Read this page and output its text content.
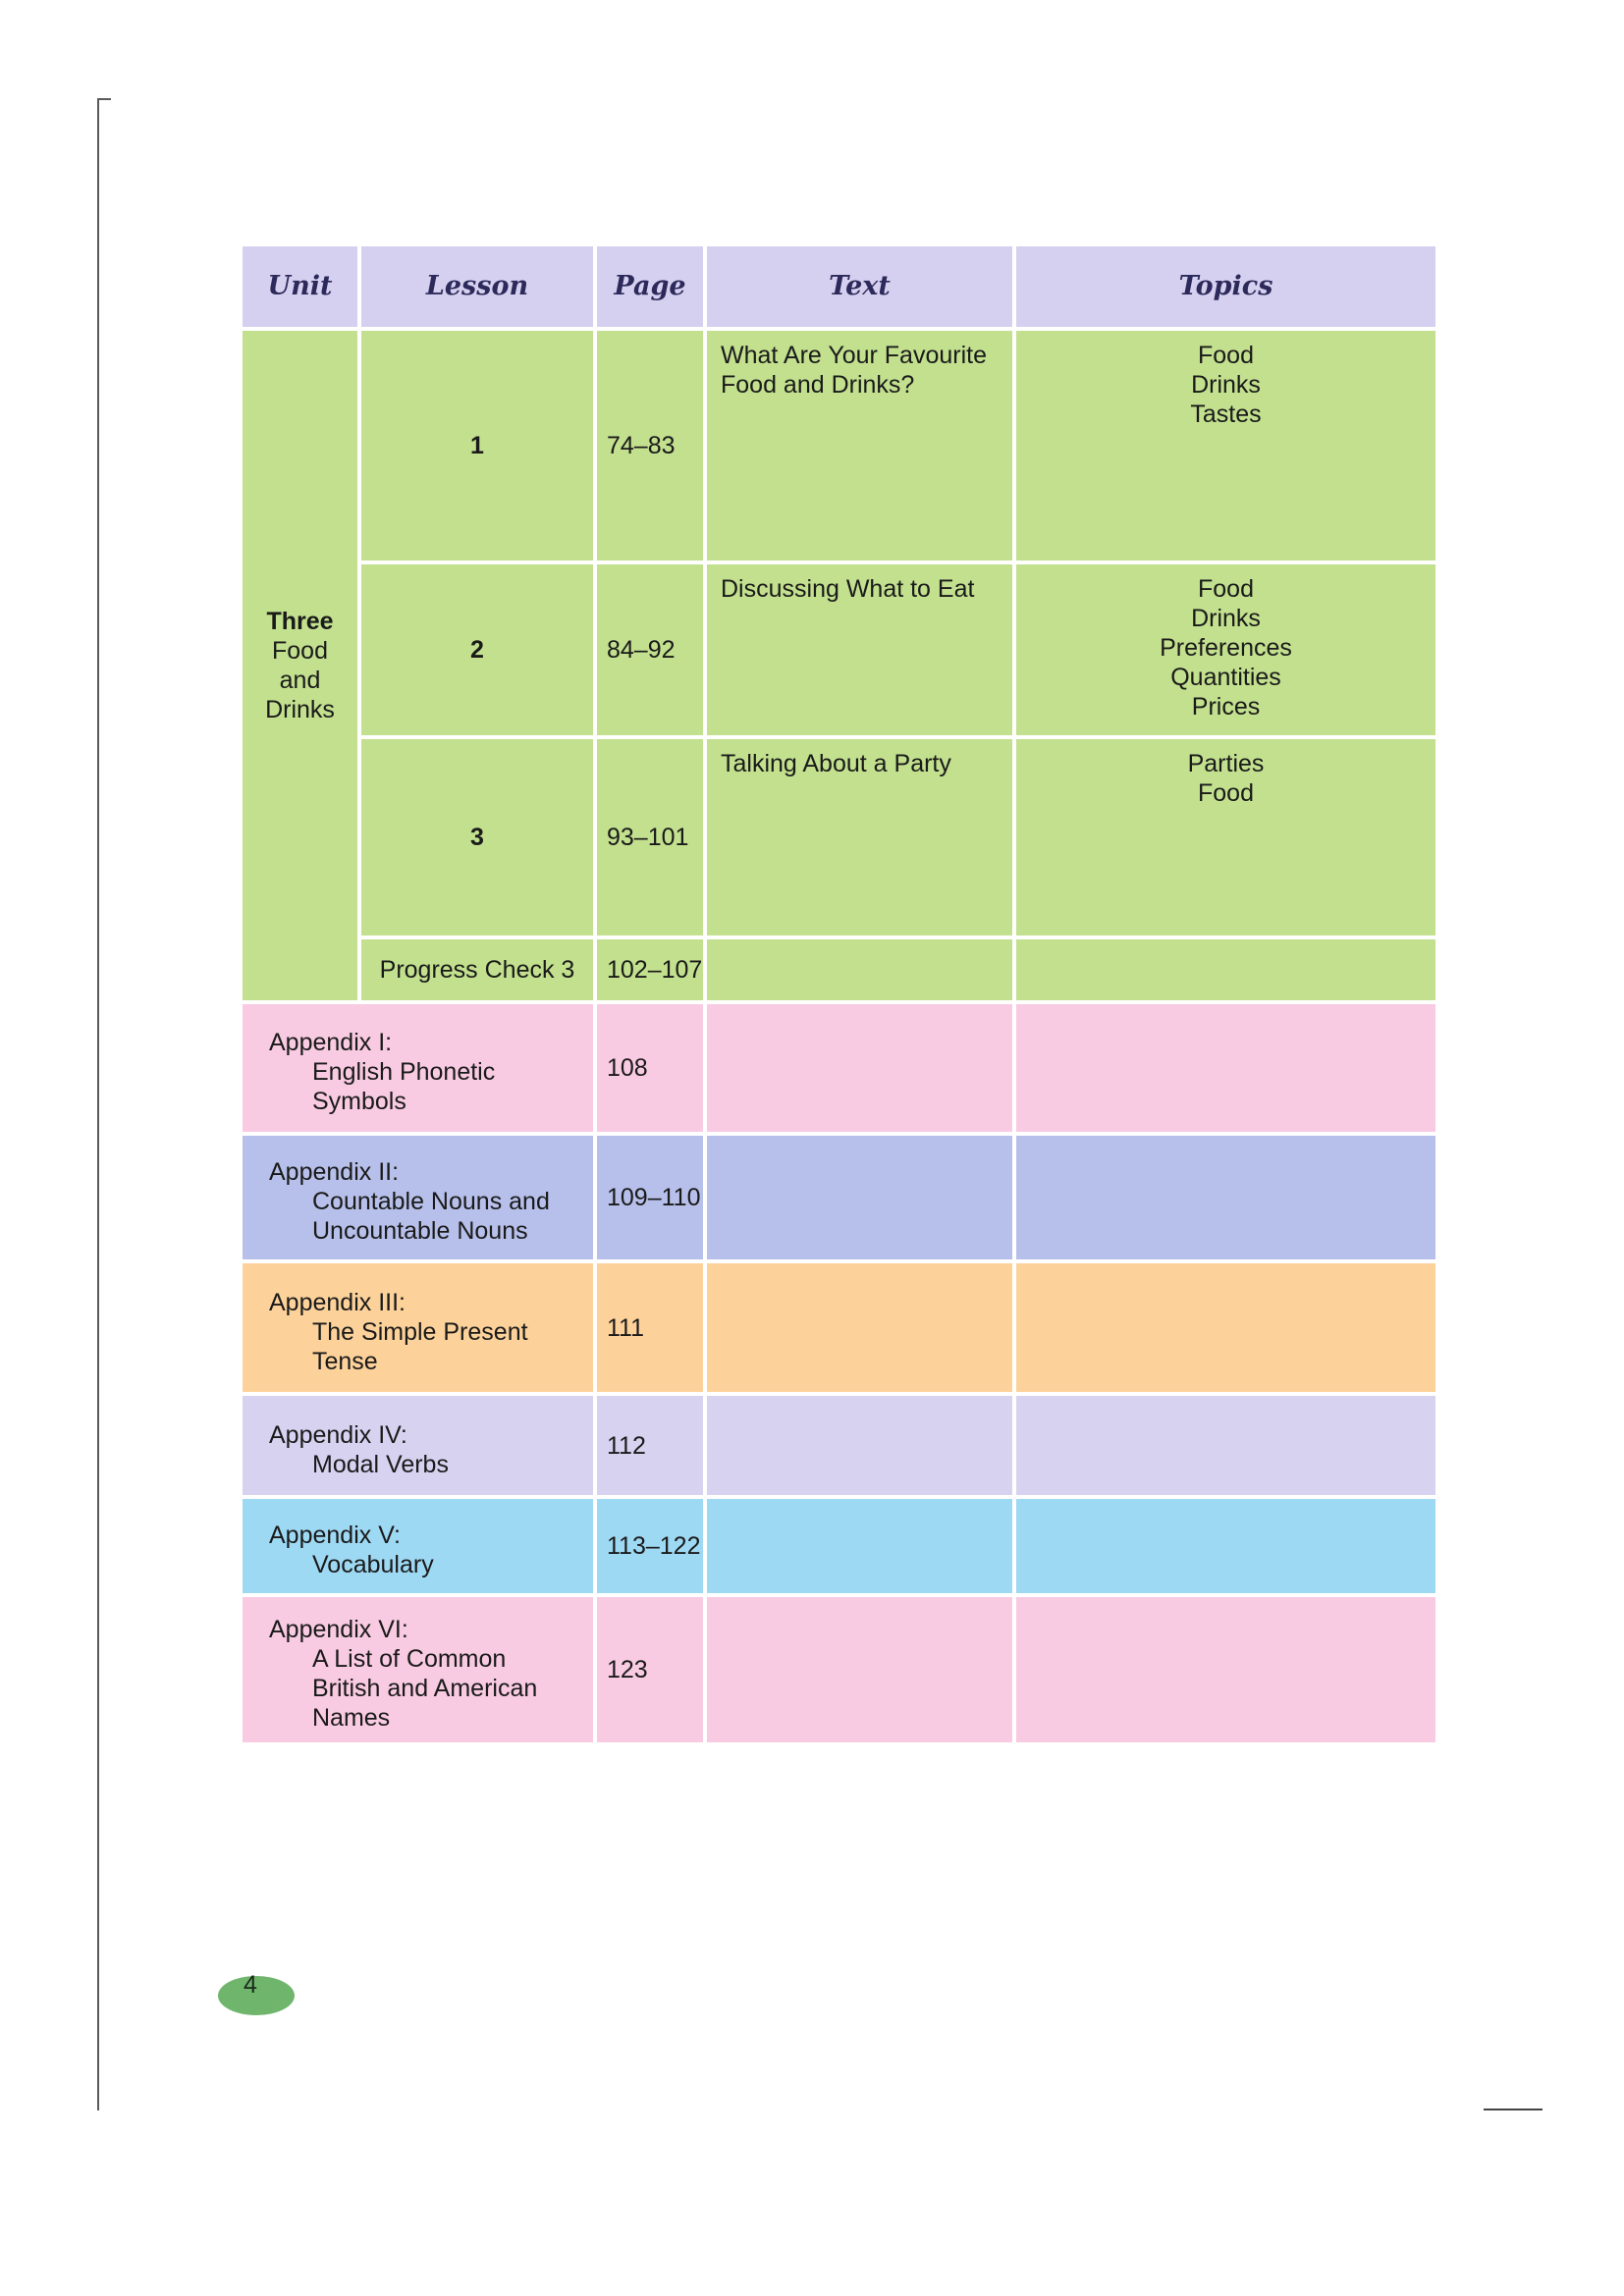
Unit	Lesson	Page	Text	Topics

Three
Food
and
Drinks	1	74–83	What Are Your Favourite Food and Drinks?	Food
Drinks
Tastes

	2	84–92	Discussing What to Eat	Food
Drinks
Preferences
Quantities
Prices

	3	93–101	Talking About a Party	Parties
Food

	Progress Check 3	102–107		

Appendix I:
English Phonetic
Symbols		108		

Appendix II:
Countable Nouns and
Uncountable Nouns		109–110		

Appendix III:
The Simple Present
Tense		111		

Appendix IV:
Modal Verbs		112		

Appendix V:
Vocabulary		113–122		

Appendix VI:
A List of Common
British and American
Names		123		
4
